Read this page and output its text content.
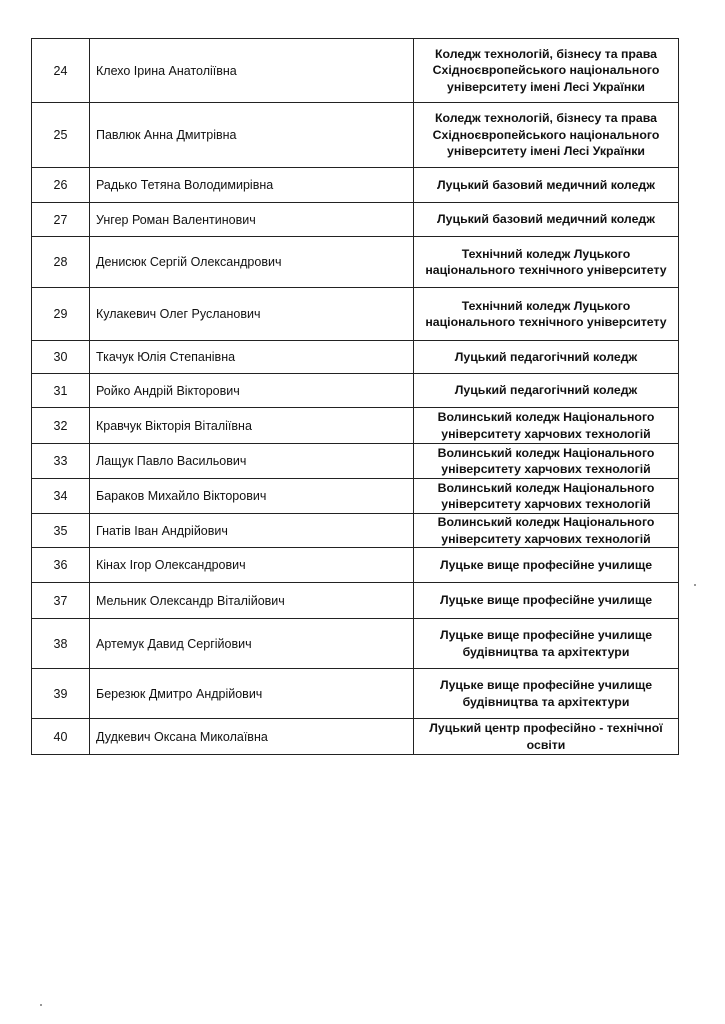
24	Клехо Ірина Анатоліївна	Коледж технологій, бізнесу та права Східноєвропейського національного університету імені Лесі Українки
25	Павлюк Анна Дмитрівна	Коледж технологій, бізнесу та права Східноєвропейського національного університету імені Лесі Українки
26	Радько Тетяна Володимирівна	Луцький базовий медичний коледж
27	Унгер Роман Валентинович	Луцький базовий медичний коледж
28	Денисюк Сергій Олександрович	Технічний коледж Луцького національного технічного університету
29	Кулакевич Олег Русланович	Технічний коледж Луцького національного технічного університету
30	Ткачук Юлія Степанівна	Луцький педагогічний коледж
31	Ройко Андрій Вікторович	Луцький педагогічний коледж
32	Кравчук Вікторія Віталіївна	Волинський коледж Національного університету харчових технологій
33	Лащук Павло Васильович	Волинський коледж Національного університету харчових технологій
34	Бараков Михайло Вікторович	Волинський коледж Національного університету харчових технологій
35	Гнатів Іван Андрійович	Волинський коледж Національного університету харчових технологій
36	Кінах Ігор Олександрович	Луцьке вище професійне училище
37	Мельник Олександр Віталійович	Луцьке вище професійне училище
38	Артемук Давид Сергійович	Луцьке вище професійне училище будівництва та архітектури
39	Березюк Дмитро Андрійович	Луцьке вище професійне училище будівництва та архітектури
40	Дудкевич Оксана Миколаївна	Луцький центр професійно - технічної освіти
